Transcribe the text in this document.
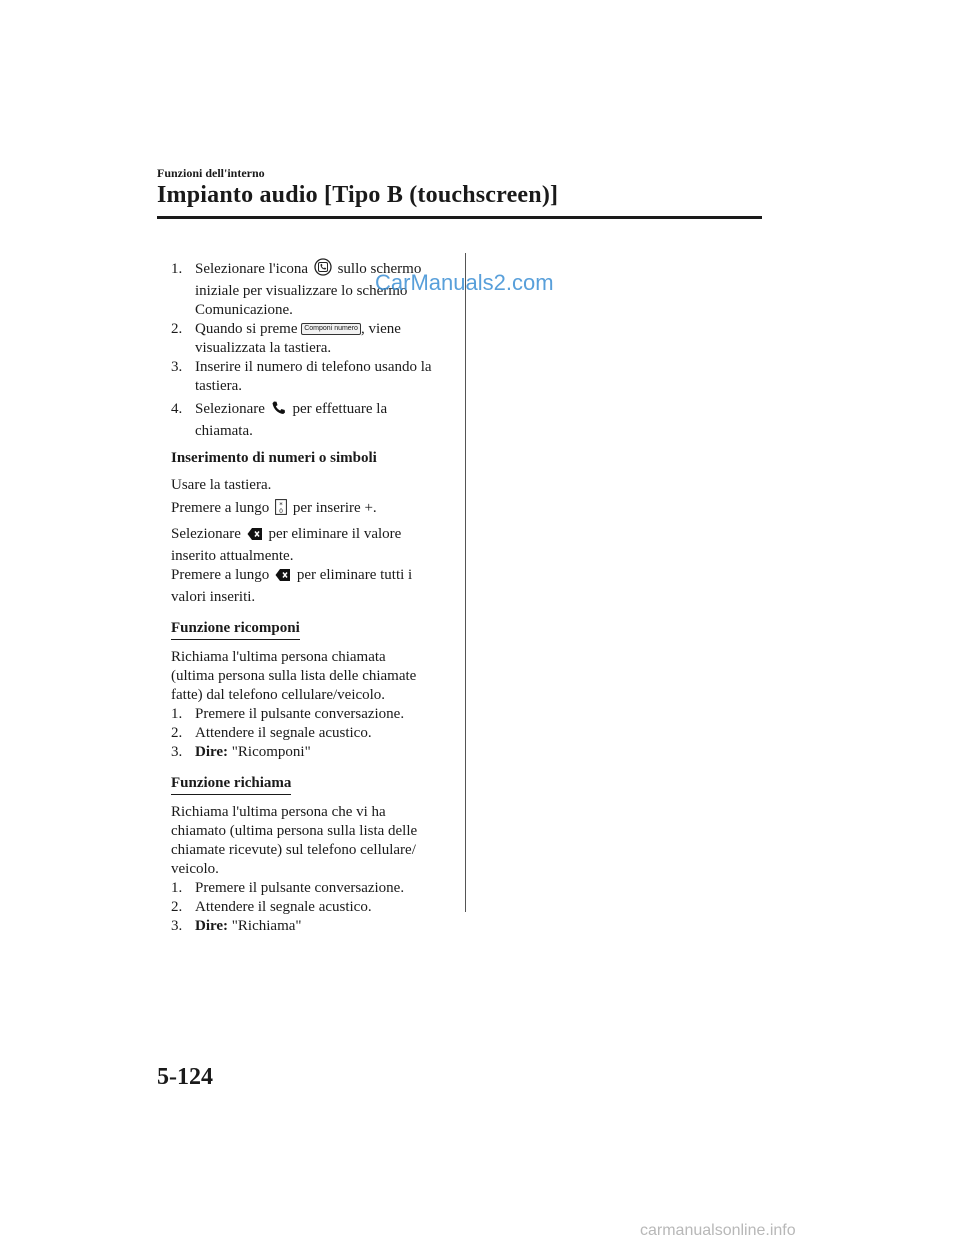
Funzioni dell'interno
Impianto audio [Tipo B (touchscreen)]
1. Selezionare l'icona sullo schermo
iniziale per visualizzare lo schermo
Comunicazione.
2. Quando si preme Componi numero , viene
visualizzata la tastiera.
3. Inserire il numero di telefono usando la
tastiera.
4. Selezionare per effettuare la
chiamata.
Inserimento di numeri o simboli
Usare la tastiera.
Premere a lungo *
0 per inserire +.
Selezionare per eliminare il valore
inserito attualmente.
Premere a lungo per eliminare tutti i
valori inseriti.
Funzione ricomponi
Richiama l'ultima persona chiamata
(ultima persona sulla lista delle chiamate
fatte) dal telefono cellulare/veicolo.
1. Premere il pulsante conversazione.
2. Attendere il segnale acustico.
3. Dire: "Ricomponi"
Funzione richiama
Richiama l'ultima persona che vi ha
chiamato (ultima persona sulla lista delle
chiamate ricevute) sul telefono cellulare/
veicolo.
1. Premere il pulsante conversazione.
2. Attendere il segnale acustico.
3. Dire: "Richiama"
CarManuals2.com
5-124
carmanualsonline.info
